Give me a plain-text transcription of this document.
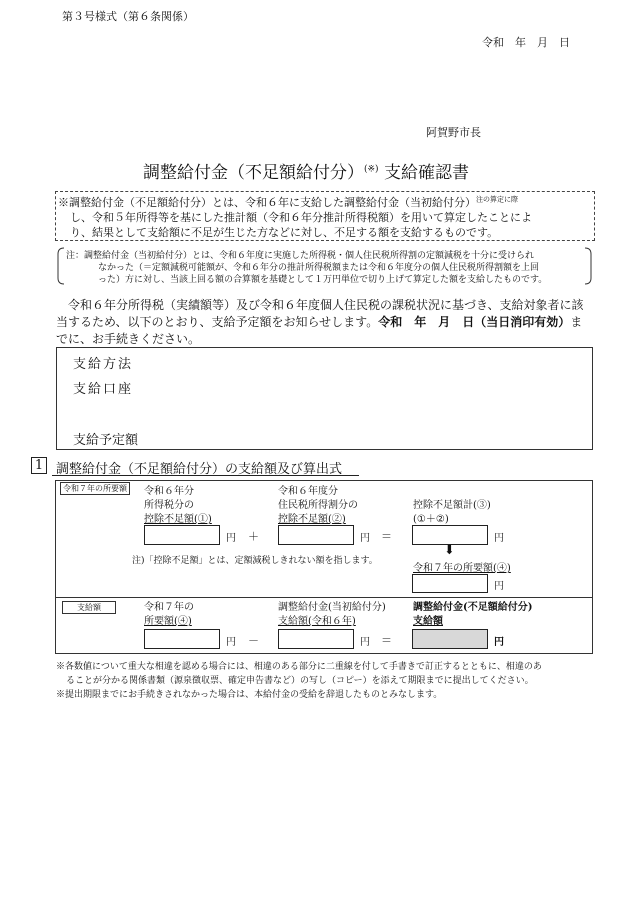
第３号様式（第６条関係）
令和　年　月　日
阿賀野市長
調整給付金（不足額給付分）(※) 支給確認書
※調整給付金（不足額給付分）とは、令和６年に支給した調整給付金（当初給付分）$^{注の算定に際}$
し、令和５年所得等を基にした推計額（令和６年分推計所得税額）を用いて算定したことによ
り、結果として支給額に不足が生じた方などに対し、不足する額を支給するものです。
注：調整給付金（当初給付分）とは、令和６年度に実施した所得税・個人住民税所得割の定額減税を十分に受けられ
なかった（＝定額減税可能額が、令和６年分の推計所得税額または令和６年度分の個人住民税所得割額を上回
った）方に対し、当該上回る額の合算額を基礎として１万円単位で切り上げて算定した額を支給したものです。
令和６年分所得税（実績額等）及び令和６年度個人住民税の課税状況に基づき、支給対象者に該
当するため、以下のとおり、支給予定額をお知らせします。令和　年　月　日（当日消印有効）ま
でに、お手続きください。
支給方法
支給口座
支給予定額
1 調整給付金（不足額給付分）の支給額及び算出式
令和７年の所要額	令和６年分
所得税分の
控除不足額(①)
円 ＋
令和６年度分
住民税所得割分の
控除不足額(②)
円 ＝
控除不足額計(③)
(①＋②)
円
注)「控除不足額」とは、定額減税しきれない額を指します。
⬇
令和７年の所要額(④)
円
支給額	令和７年の
所要額(④)
円 －
調整給付金(当初給付分)
支給額(令和６年)
円 ＝
調整給付金(不足額給付分)
支給額
円
※各数値について重大な相違を認める場合には、相違のある部分に二重線を付して手書きで訂正するとともに、相違のあ
ることが分かる関係書類（源泉徴収票、確定申告書など）の写し（コピー）を添えて期限までに提出してください。
※提出期限までにお手続きされなかった場合は、本給付金の受給を辞退したものとみなします。
